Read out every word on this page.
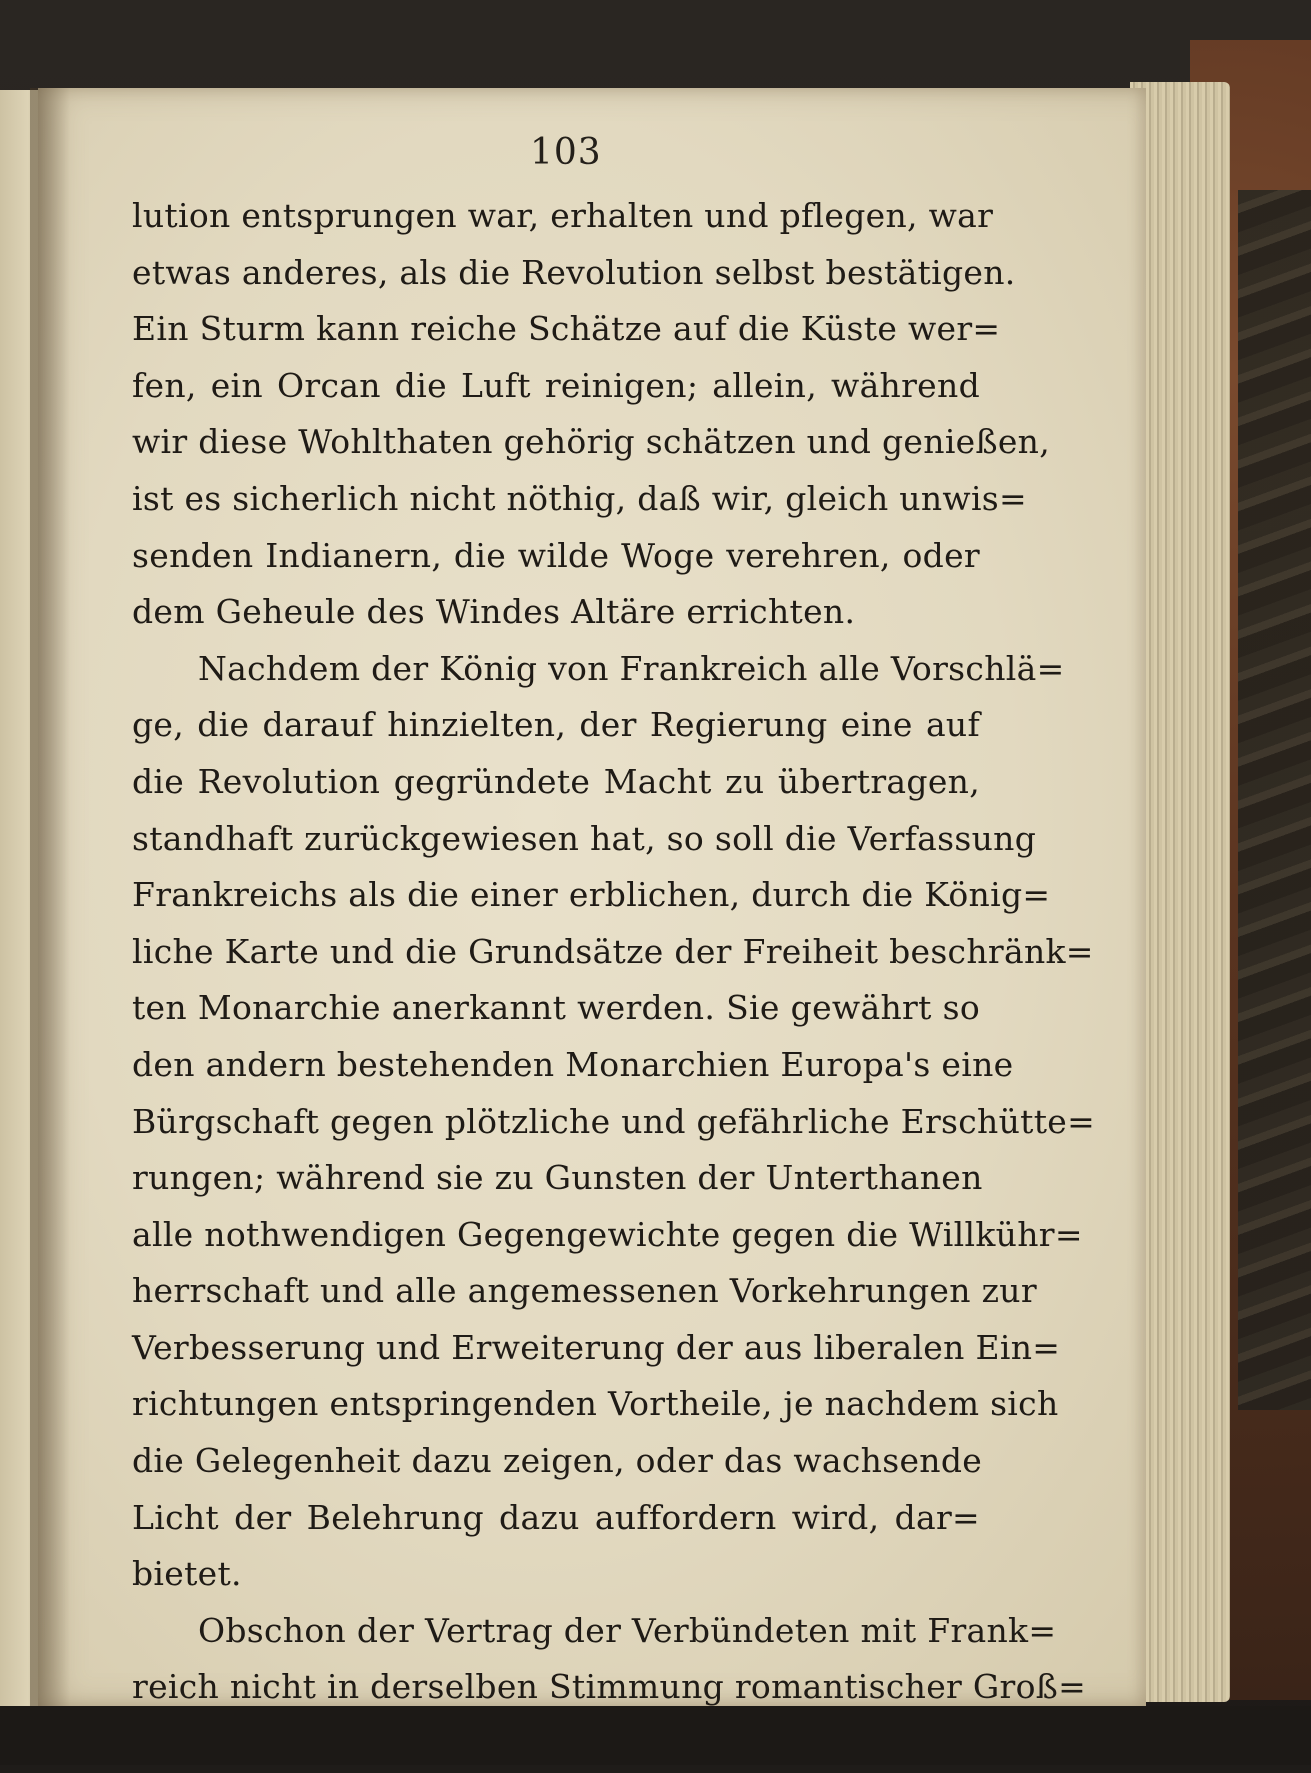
103
lution entsprungen war, erhalten und pflegen, war
etwas anderes, als die Revolution selbst bestätigen.
Ein Sturm kann reiche Schätze auf die Küste wer=
fen, ein Orcan die Luft reinigen; allein, während
wir diese Wohlthaten gehörig schätzen und genießen,
ist es sicherlich nicht nöthig, daß wir, gleich unwis=
senden Indianern, die wilde Woge verehren, oder
dem Geheule des Windes Altäre errichten.
Nachdem der König von Frankreich alle Vorschlä=
ge, die darauf hinzielten, der Regierung eine auf
die Revolution gegründete Macht zu übertragen,
standhaft zurückgewiesen hat, so soll die Verfassung
Frankreichs als die einer erblichen, durch die König=
liche Karte und die Grundsätze der Freiheit beschränk=
ten Monarchie anerkannt werden. Sie gewährt so
den andern bestehenden Monarchien Europa's eine
Bürgschaft gegen plötzliche und gefährliche Erschütte=
rungen; während sie zu Gunsten der Unterthanen
alle nothwendigen Gegengewichte gegen die Willkühr=
herrschaft und alle angemessenen Vorkehrungen zur
Verbesserung und Erweiterung der aus liberalen Ein=
richtungen entspringenden Vortheile, je nachdem sich
die Gelegenheit dazu zeigen, oder das wachsende
Licht der Belehrung dazu auffordern wird, dar=
bietet.
Obschon der Vertrag der Verbündeten mit Frank=
reich nicht in derselben Stimmung romantischer Groß=
